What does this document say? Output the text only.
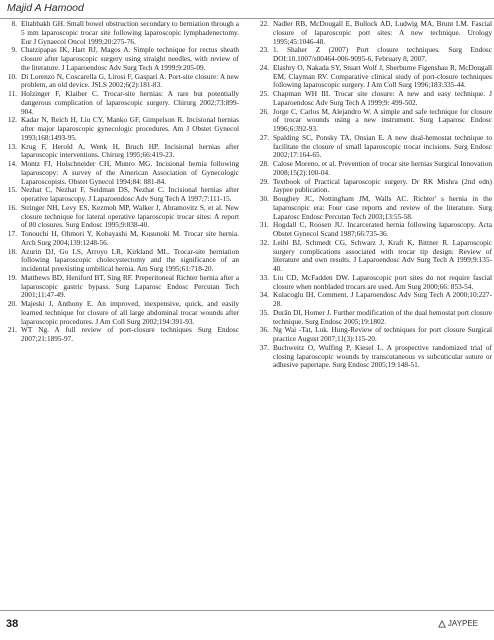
Majid A Hamood
8. Eltabbakh GH. Small bowel obstruction secondary to herniation through a 5 mm laparoscopic trocar site following laparoscopic lymphadenectomy. Eur J Gynaecol Oncol 1999;20:275-76.
9. Chatzipapas IK, Hart RJ, Magos A. Simple technique for rectus sheath closure after laparoscopic surgery using straight needles, with review of the literature. J Laparoendosc Adv Surg Tech A 1999;9:205-09.
10. Di Lorenzo N, Coscarella G, Lirosi F, Gaspari A. Port-site closure: A new problem, an old device. JSLS 2002;6(2):181-83.
11. Holzinger F, Klaiber C. Trocar-site hernias: A rare but potentially dangerous complication of laparoscopic surgery. Chirurg 2002;73:899-904.
12. Kadar N, Reich H, Liu CY, Manko GF, Gimpelson R. Incisional hernias after major laparoscopic gynecologic procedures. Am J Obstet Gynecol 1993;168:1493-95.
13. Krug F, Herold A, Wenk H, Bruch HP. Incisional hernias after laparoscopic interventions. Chirurg 1995;66:419-23.
14. Montz FJ, Holschneider CH, Munro MG. Incisional hernia following laparoscopy: A survey of the American Association of Gynecologic Laparoscopists. Obstet Gynecol 1994;84: 881-84.
15. Nezhat C, Nezhat F, Seidman DS, Nezhat C. Incisional hernias after operative laparoscopy. J Laparoendosc Adv Surg Tech A 1997;7:111-15.
16. Stringer NH, Levy ES, Kezmoh MP, Walker J, Abramovitz S, et al. New closure technique for lateral operative laparoscopic trocar sites: A report of 80 closures. Surg Endosc 1995;9:838-40.
17. Tonouchi H, Ohmori Y, Kobayashi M, Kusunoki M. Trocar site hernia. Arch Surg 2004;139:1248-56.
18. Azurin DJ, Go LS, Arroyo LR, Kirkland ML. Trocar-site herniation following laparoscopic cholecystectomy and the significance of an incidental preexisting umbilical hernia. Am Surg 1995;61:718-20.
19. Matthews BD, Heniford BT, Sing RF. Preperitoneal Richter hernia after a laparoscopic gastric bypass. Surg Laparosc Endosc Percutan Tech 2001;11:47-49.
20. Majeski J, Anthony E. An improved, inexpensive, quick, and easily learned technique for closure of all large abdominal trocar wounds after laparoscopic procedures. J Am Coll Surg 2002;194:391-93.
21. WT Ng. A full review of port-closure techniques Surg Endosc 2007;21:1895-97.
22. Nadler RB, McDougall E, Bullock AD, Ludwig MA, Brunt LM. Fascial closure of laparoscopic port sites: A new technique. Urology 1995;45:1046-48.
23. 1. Shaher Z (2007) Port closure techniques. Surg Endosc DOI:10.1007/s00464-006-9095-6, February 8, 2007.
24. Elashry O, Nakada SY, Stuart Wolf J, Sherburne Figenshau R, McDougall EM, Clayman RV. Comparative clinical study of port-closure techniques following laparoscopic surgery. J Am Coll Surg 1996;183:335-44.
25. Chapman WH III. Trocar site closure: A new and easy technique. J Laparoendosc Adv Surg Tech A 1999;9: 499-502.
26. Jorge C, Carlos M, Alejandro W. A simple and safe technique for closure of trocar wounds using a new instrument. Surg Laparosc Endosc 1996;6:392-93.
27. Spalding SC, Ponsky TA, Onsian E. A new dual-hemostat technique to facilitate the closure of small laparoscopic trocar incisions. Surg Endosc 2002;17:164-65.
28. Calose Moreno, et al. Prevention of trocar site hernias Surgical Innovation 2008;15(2):100-04.
29. Textbook of Practical laparoscopic surgery. Dr RK Mishra (2nd edn) Jaypee publication.
30. Boughey JC, Nottingham JM, Walls AC. Richter' s hernia in the laparoscopic era: Four case reports and review of the literature. Surg Laparosc Endosc Percutan Tech 2003;13:55-58.
31. Hogdall C, Roosen JU. Incarcerated hernia following laparoscopy. Acta Obstet Gynecol Scand 1987;66:735-36.
32. Leibl BJ, Schmedt CG, Schwarz J, Kraft K, Bittner R. Laparoscopic surgery complications associated with trocar tip design: Review of literature and own results. J Laparoendosc Adv Surg Tech A 1999;9:135-40.
33. Liu CD, McFadden DW. Laparoscopic port sites do not require fascial closure when nonbladed trocars are used. Am Surg 2000;66: 853-54.
34. Kulacoglu IH. Comment. J Laparoendosc Adv Surg Tech A 2000;10:227-28.
35. Durân DI, Homer J. Further modification of the dual hemostat port closure technique. Surg Endosc 2005;19:1802.
36. Ng Wai -Tat, Luk. Hung-Review of techniques for port closure Surgical practice August 2007;11(3):115-20.
37. Buchweitz O, Wulfing P, Kiesel L. A prospective randomized trial of closing laparoscopic wounds by transcutaneous vs subcuticular suture or adhesive papertape. Surg Endosc 2005;19:148-51.
38	JAYPEE
